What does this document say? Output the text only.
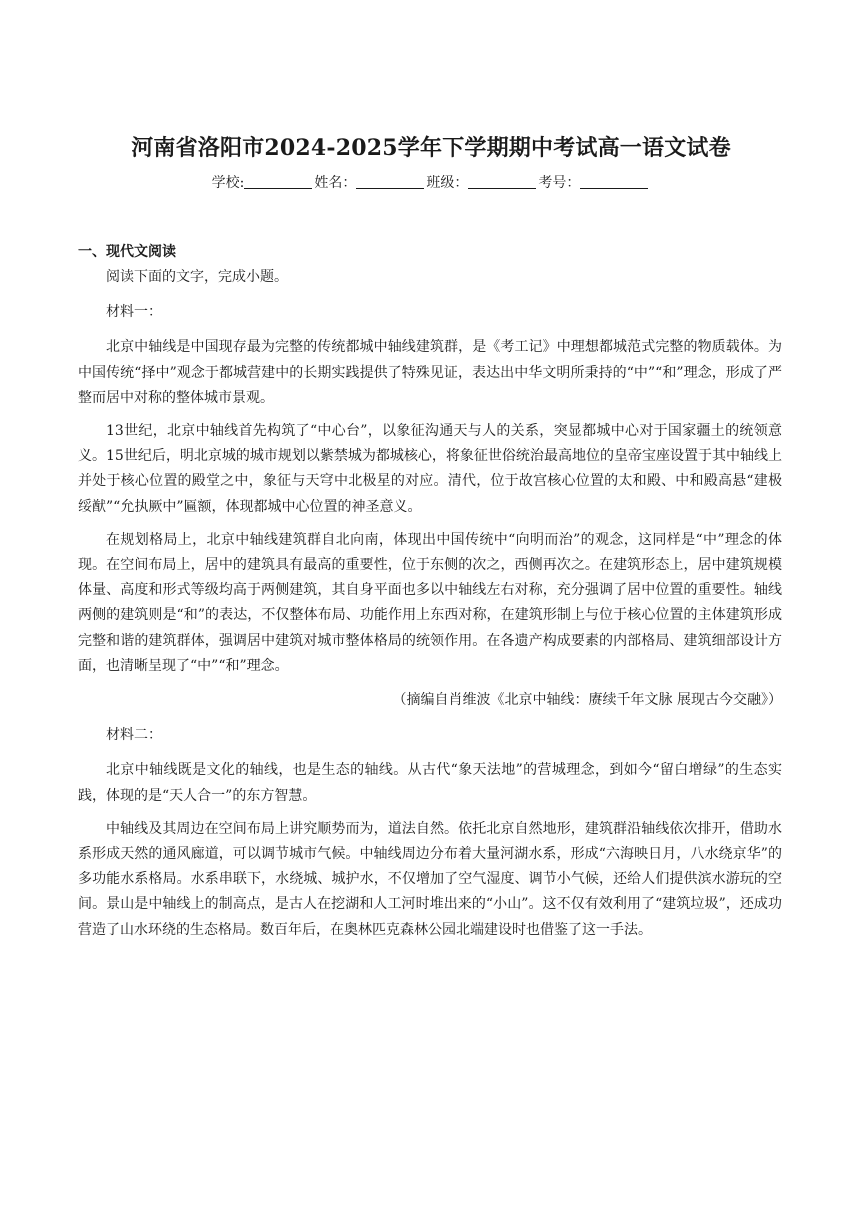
河南省洛阳市2024-2025学年下学期期中考试高一语文试卷
学校:	姓名：	班级：	考号：
一、现代文阅读

阅读下面的文字，完成小题。

材料一：

北京中轴线是中国现存最为完整的传统都城中轴线建筑群，是《考工记》中理想都城范式完整的物质载体。为中国传统“择中”观念于都城营建中的长期实践提供了特殊见证，表达出中华文明所秉持的“中”“和”理念，形成了严整而居中对称的整体城市景观。

13世纪，北京中轴线首先构筑了“中心台”，以象征沟通天与人的关系，突显都城中心对于国家疆土的统领意义。15世纪后，明北京城的城市规划以紫禁城为都城核心，将象征世俗统治最高地位的皇帝宝座设置于其中轴线上并处于核心位置的殿堂之中，象征与天穹中北极星的对应。清代，位于故宫核心位置的太和殿、中和殿高悬“建极绥猷”“允执厥中”匾额，体现都城中心位置的神圣意义。

在规划格局上，北京中轴线建筑群自北向南，体现出中国传统中“向明而治”的观念，这同样是“中”理念的体现。在空间布局上，居中的建筑具有最高的重要性，位于东侧的次之，西侧再次之。在建筑形态上，居中建筑规模体量、高度和形式等级均高于两侧建筑，其自身平面也多以中轴线左右对称，充分强调了居中位置的重要性。轴线两侧的建筑则是“和”的表达，不仅整体布局、功能作用上东西对称，在建筑形制上与位于核心位置的主体建筑形成完整和谐的建筑群体，强调居中建筑对城市整体格局的统领作用。在各遗产构成要素的内部格局、建筑细部设计方面，也清晰呈现了“中”“和”理念。

（摘编自肖维波《北京中轴线：赓续千年文脉 展现古今交融》）

材料二：

北京中轴线既是文化的轴线，也是生态的轴线。从古代“象天法地”的营城理念，到如今“留白增绿”的生态实践，体现的是“天人合一”的东方智慧。

中轴线及其周边在空间布局上讲究顺势而为，道法自然。依托北京自然地形，建筑群沿轴线依次排开，借助水系形成天然的通风廊道，可以调节城市气候。中轴线周边分布着大量河湖水系，形成“六海映日月，八水绕京华”的多功能水系格局。水系串联下，水绕城、城护水，不仅增加了空气湿度、调节小气候，还给人们提供滨水游玩的空间。景山是中轴线上的制高点，是古人在挖湖和人工河时堆出来的“小山”。这不仅有效利用了“建筑垃圾”，还成功营造了山水环绕的生态格局。数百年后，在奥林匹克森林公园北端建设时也借鉴了这一手法。
